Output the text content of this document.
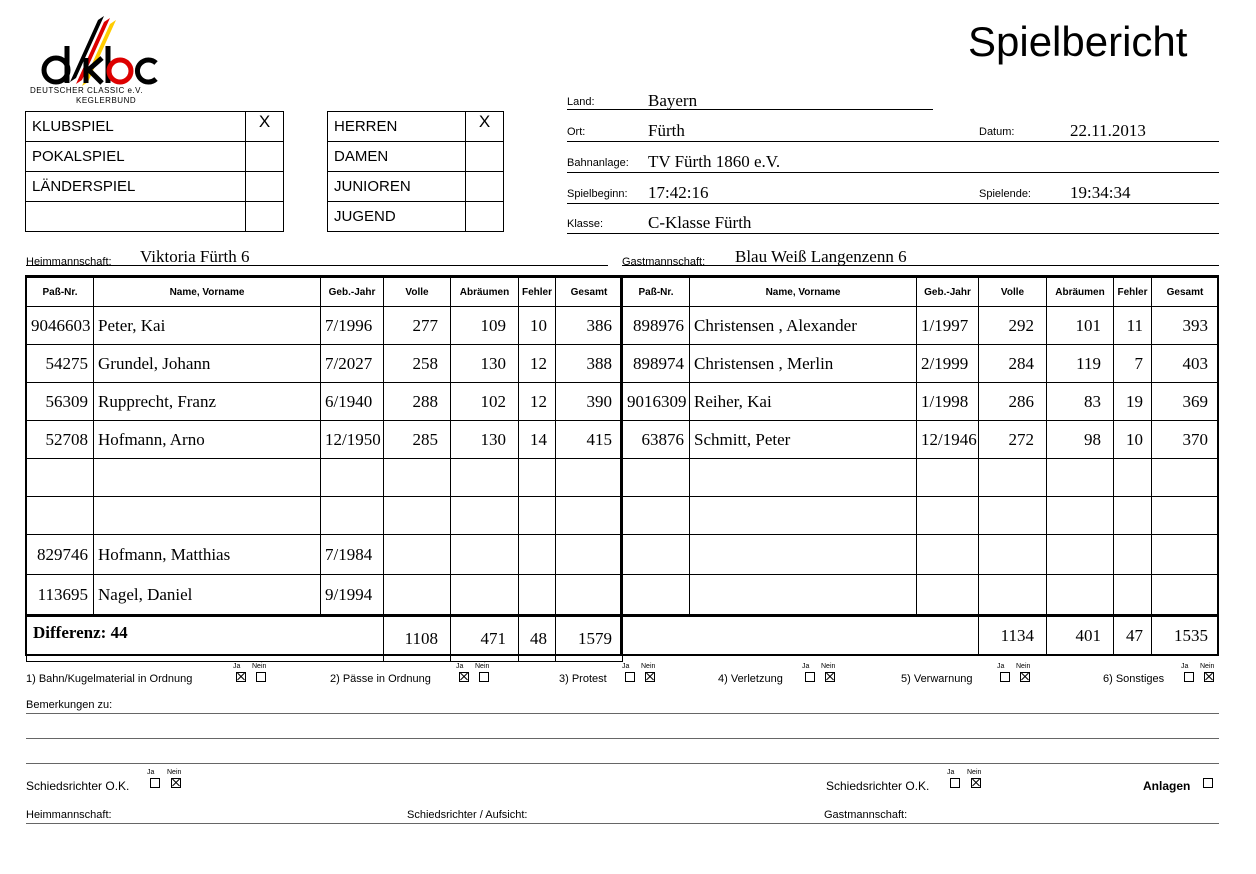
DEUTSCHER CLASSIC e.V.
KEGLERBUND
Spielbericht
KLUBSPIEL	X
POKALSPIEL	
LÄNDERSPIEL	

HERREN	X
DAMEN	
JUNIOREN	
JUGEND	
Land:	Bayern
Ort:	Fürth	Datum:	22.11.2013
Bahnanlage: TV Fürth 1860 e.V.
Spielbeginn: 17:42:16	Spielende: 19:34:34
Klasse:	C-Klasse Fürth
Heimmannschaft: Viktoria Fürth 6	Gastmannschaft: Blau Weiß Langenzenn 6
Paß-Nr.	Name, Vorname	Geb.-Jahr	Volle	Abräumen	Fehler	Gesamt
9046603	Peter, Kai	7/1996	277	109	10	386
54275	Grundel, Johann	7/2027	258	130	12	388
56309	Rupprecht, Franz	6/1940	288	102	12	390
52708	Hofmann, Arno	12/1950	285	130	14	415

829746	Hofmann, Matthias	7/1984				
113695	Nagel, Daniel	9/1994				
Differenz: 44			1108	471	48	1579
Paß-Nr.	Name, Vorname	Geb.-Jahr	Volle	Abräumen	Fehler	Gesamt
898976	Christensen , Alexander	1/1997	292	101	11	393
898974	Christensen , Merlin	2/1999	284	119	7	403
9016309	Reiher, Kai	1/1998	286	83	19	369
63876	Schmitt, Peter	12/1946	272	98	10	370

			1134	401	47	1535
Bemerkungen zu:
Schiedsrichter O.K.
Ja Nein
Schiedsrichter O.K.
Ja Nein
Anlagen
Heimmannschaft:	Schiedsrichter / Aufsicht:	Gastmannschaft:
1) Bahn/Kugelmaterial in Ordnung
Ja Nein
2) Pässe in Ordnung
Ja Nein
3) Protest
Ja Nein
4) Verletzung
Ja Nein
5) Verwarnung
Ja Nein
6) Sonstiges
Ja Nein
